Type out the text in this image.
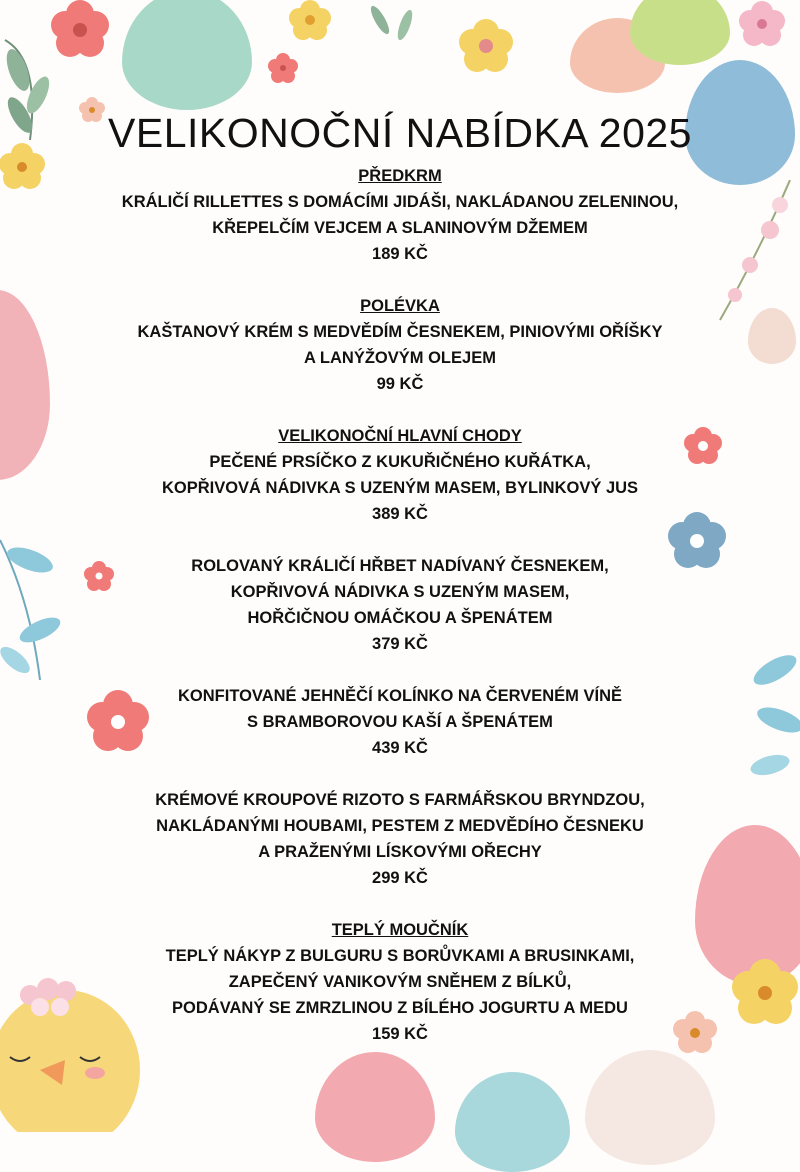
VELIKONOČNÍ NABÍDKA 2025
PŘEDKRM
KRÁLIČÍ RILLETTES S DOMÁCÍMI JIDÁŠI, NAKLÁDANOU ZELENINOU,
KŘEPELČÍM VEJCEM A SLANINOVÝM DŽEMEM
189 KČ
POLÉVKA
KAŠTANOVÝ KRÉM S MEDVĚDÍM ČESNEKEM, PINIOVÝMI OŘÍŠKY
A LANÝŽOVÝM OLEJEM
99 KČ
VELIKONOČNÍ HLAVNÍ CHODY
PEČENÉ PRSÍČKO Z KUKUŘIČNÉHO KUŘÁTKA,
KOPŘIVOVÁ NÁDIVKA S UZENÝM MASEM, BYLINKOVÝ JUS
389 KČ
ROLOVANÝ KRÁLIČÍ HŘBET NADÍVANÝ ČESNEKEM,
KOPŘIVOVÁ NÁDIVKA S UZENÝM MASEM,
HOŘČIČNOU OMÁČKOU A ŠPENÁTEM
379 KČ
KONFITOVANÉ JEHNĚČÍ KOLÍNKO NA ČERVENÉM VÍNĚ
S BRAMBOROVOU KAŠÍ A ŠPENÁTEM
439 KČ
KRÉMOVÉ KROUPOVÉ RIZOTO S FARMÁŘSKOU BRYNDZOU,
NAKLÁDANÝMI HOUBAMI, PESTEM Z MEDVĚDÍHO ČESNEKU
A PRAŽENÝMI LÍSKOVÝMI OŘECHY
299 KČ
TEPLÝ MOUČNÍK
TEPLÝ NÁKYP Z BULGURU S BORŮVKAMI A BRUSINKAMI,
ZAPEČENÝ VANIKOVÝM SNĚHEM Z BÍLKŮ,
PODÁVANÝ SE ZMRZLINOU Z BÍLÉHO JOGURTU A MEDU
159 KČ
